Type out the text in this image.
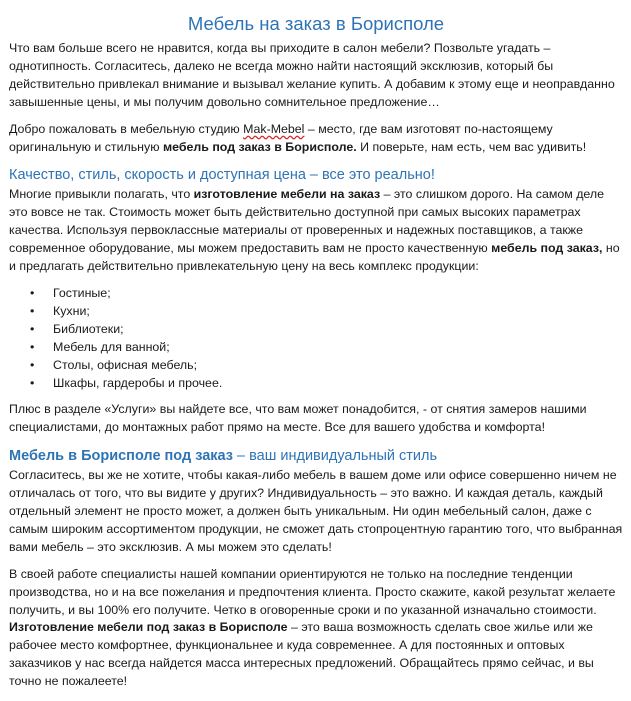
Мебель на заказ в Борисполе

Что вам больше всего не нравится, когда вы приходите в салон мебели? Позвольте угадать – однотипность. Согласитесь, далеко не всегда можно найти настоящий эксклюзив, который бы действительно привлекал внимание и вызывал желание купить. А добавим к этому еще и неоправданно завышенные цены, и мы получим довольно сомнительное предложение…

Добро пожаловать в мебельную студию Mak-Mebel – место, где вам изготовят по-настоящему оригинальную и стильную мебель под заказ в Борисполе. И поверьте, нам есть, чем вас удивить!

Качество, стиль, скорость и доступная цена – все это реально!

Многие привыкли полагать, что изготовление мебели на заказ – это слишком дорого. На самом деле это вовсе не так. Стоимость может быть действительно доступной при самых высоких параметрах качества. Используя первоклассные материалы от проверенных и надежных поставщиков, а также современное оборудование, мы можем предоставить вам не просто качественную мебель под заказ, но и предлагать действительно привлекательную цену на весь комплекс продукции:

• Гостиные;
• Кухни;
• Библиотеки;
• Мебель для ванной;
• Столы, офисная мебель;
• Шкафы, гардеробы и прочее.

Плюс в разделе «Услуги» вы найдете все, что вам может понадобится, - от снятия замеров нашими специалистами, до монтажных работ прямо на месте. Все для вашего удобства и комфорта!

Мебель в Борисполе под заказ – ваш индивидуальный стиль

Согласитесь, вы же не хотите, чтобы какая-либо мебель в вашем доме или офисе совершенно ничем не отличалась от того, что вы видите у других? Индивидуальность – это важно. И каждая деталь, каждый отдельный элемент не просто может, а должен быть уникальным. Ни один мебельный салон, даже с самым широким ассортиментом продукции, не сможет дать стопроцентную гарантию того, что выбранная вами мебель – это эксклюзив. А мы можем это сделать!

В своей работе специалисты нашей компании ориентируются не только на последние тенденции производства, но и на все пожелания и предпочтения клиента. Просто скажите, какой результат желаете получить, и вы 100% его получите. Четко в оговоренные сроки и по указанной изначально стоимости. Изготовление мебели под заказ в Борисполе – это ваша возможность сделать свое жилье или же рабочее место комфортнее, функциональнее и куда современнее. А для постоянных и оптовых заказчиков у нас всегда найдется масса интересных предложений. Обращайтесь прямо сейчас, и вы точно не пожалеете!
